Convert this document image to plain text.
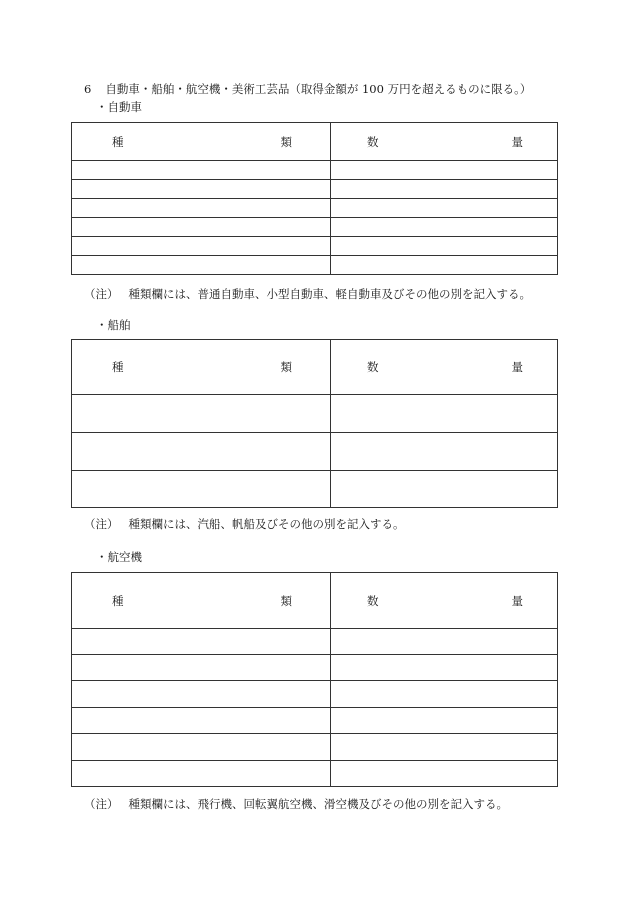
6 自動車・船舶・航空機・美術工芸品（取得金額が 100 万円を超えるものに限る。）
・自動車
種 類	数 量

（注） 種類欄には、普通自動車、小型自動車、軽自動車及びその他の別を記入する。
・船舶
種 類	数 量

（注） 種類欄には、汽船、帆船及びその他の別を記入する。
・航空機
種 類	数 量

（注） 種類欄には、飛行機、回転翼航空機、滑空機及びその他の別を記入する。
